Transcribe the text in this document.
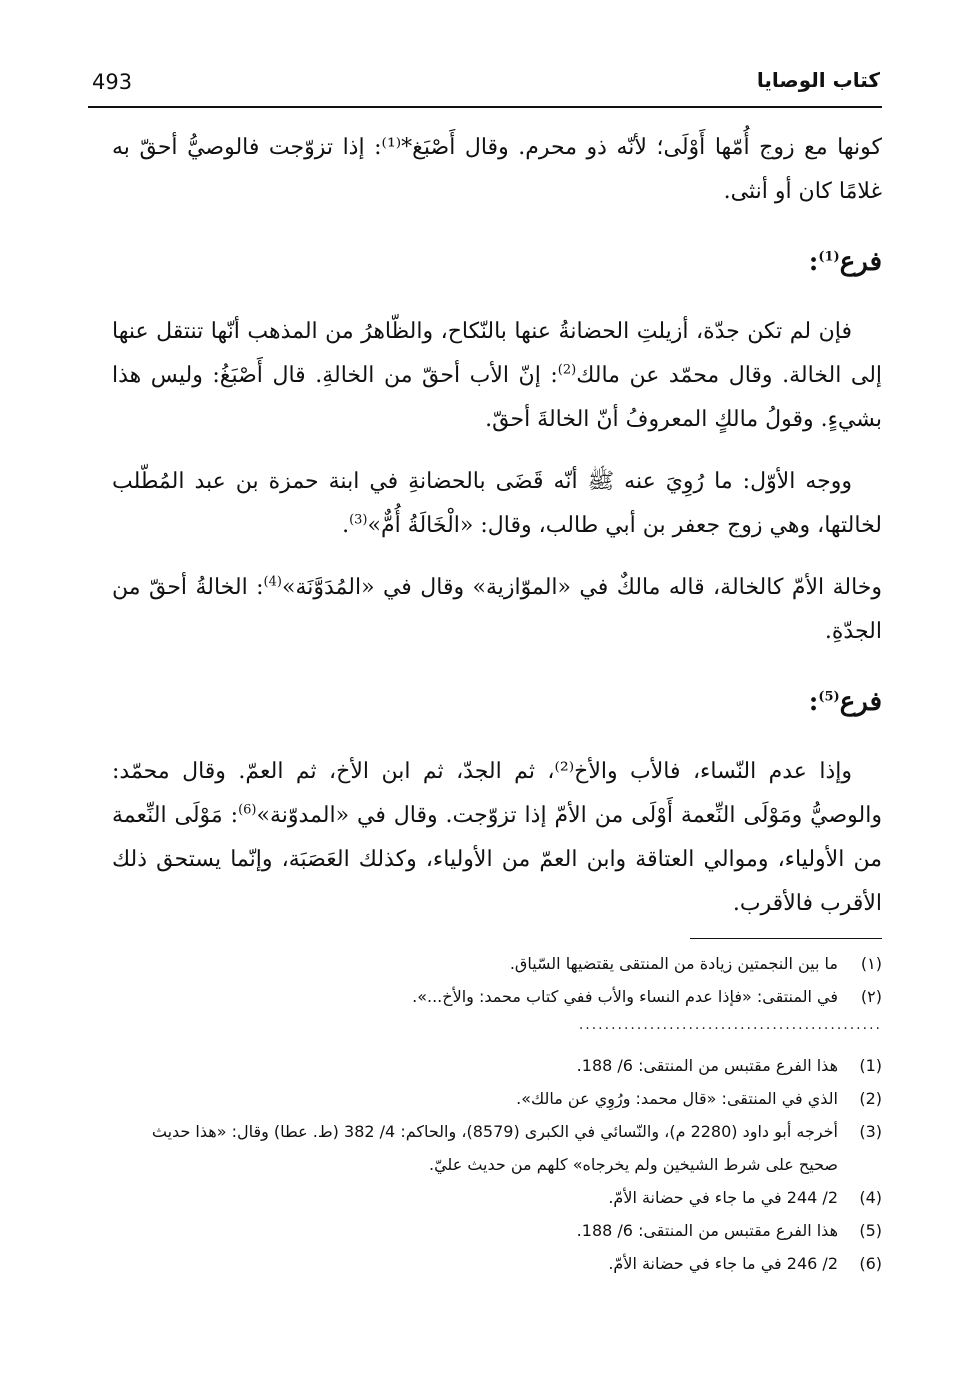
493	كتاب الوصايا

كونها مع زوج أُمّها أَوْلَى؛ لأنّه ذو محرم. وقال أَصْبَغ*⁽¹⁾: إذا تزوّجت فالوصيُّ أحقّ به غلامًا كان أو أنثى.

فرع$^{(1)}$:

فإن لم تكن جدّة، أزيلتِ الحضانةُ عنها بالنّكاح، والظّاهرُ من المذهب أنّها تنتقل عنها إلى الخالة. وقال محمّد عن مالك$^{(2)}$: إنّ الأب أحقّ من الخالةِ. قال أَصْبَغُ: وليس هذا بشيءٍ. وقولُ مالكٍ المعروفُ أنّ الخالةَ أحقّ.

ووجه الأوّل: ما رُوِيَ عنه ﷺ أنّه قَضَى بالحضانةِ في ابنة حمزة بن عبد المُطّلب لخالتها، وهي زوج جعفر بن أبي طالب، وقال: «الْخَالَةُ أُمٌّ»$^{(3)}$.

وخالة الأمّ كالخالة، قاله مالكٌ في «الموّازية» وقال في «المُدَوَّنَة»$^{(4)}$: الخالةُ أحقّ من الجدّةِ.

فرع$^{(5)}$:

وإذا عدم النّساء، فالأب والأخ⁽²⁾، ثم الجدّ، ثم ابن الأخ، ثم العمّ. وقال محمّد: والوصيُّ ومَوْلَى النِّعمة أَوْلَى من الأمّ إذا تزوّجت. وقال في «المدوّنة»$^{(6)}$: مَوْلَى النِّعمة من الأولياء، وموالي العتاقة وابن العمّ من الأولياء، وكذلك العَصَبَة، وإنّما يستحق ذلك الأقرب فالأقرب.

(١)
ما بين النجمتين زيادة من المنتقى يقتضيها السّياق.
(٢)
في المنتقى: «فإذا عدم النساء والأب ففي كتاب محمد: والأخ...».
...............................................
(1)
هذا الفرع مقتبس من المنتقى: 6/ 188.
(2)
الذي في المنتقى: «قال محمد: ورُوِي عن مالك».
(3)
أخرجه أبو داود (2280 م)، والنّسائي في الكبرى (8579)، والحاكم: 4/ 382 (ط. عطا) وقال: «هذا حديث صحيح على شرط الشيخين ولم يخرجاه» كلهم من حديث عليّ.
(4)
2/ 244 في ما جاء في حضانة الأمّ.
(5)
هذا الفرع مقتبس من المنتقى: 6/ 188.
(6)
2/ 246 في ما جاء في حضانة الأمّ.
